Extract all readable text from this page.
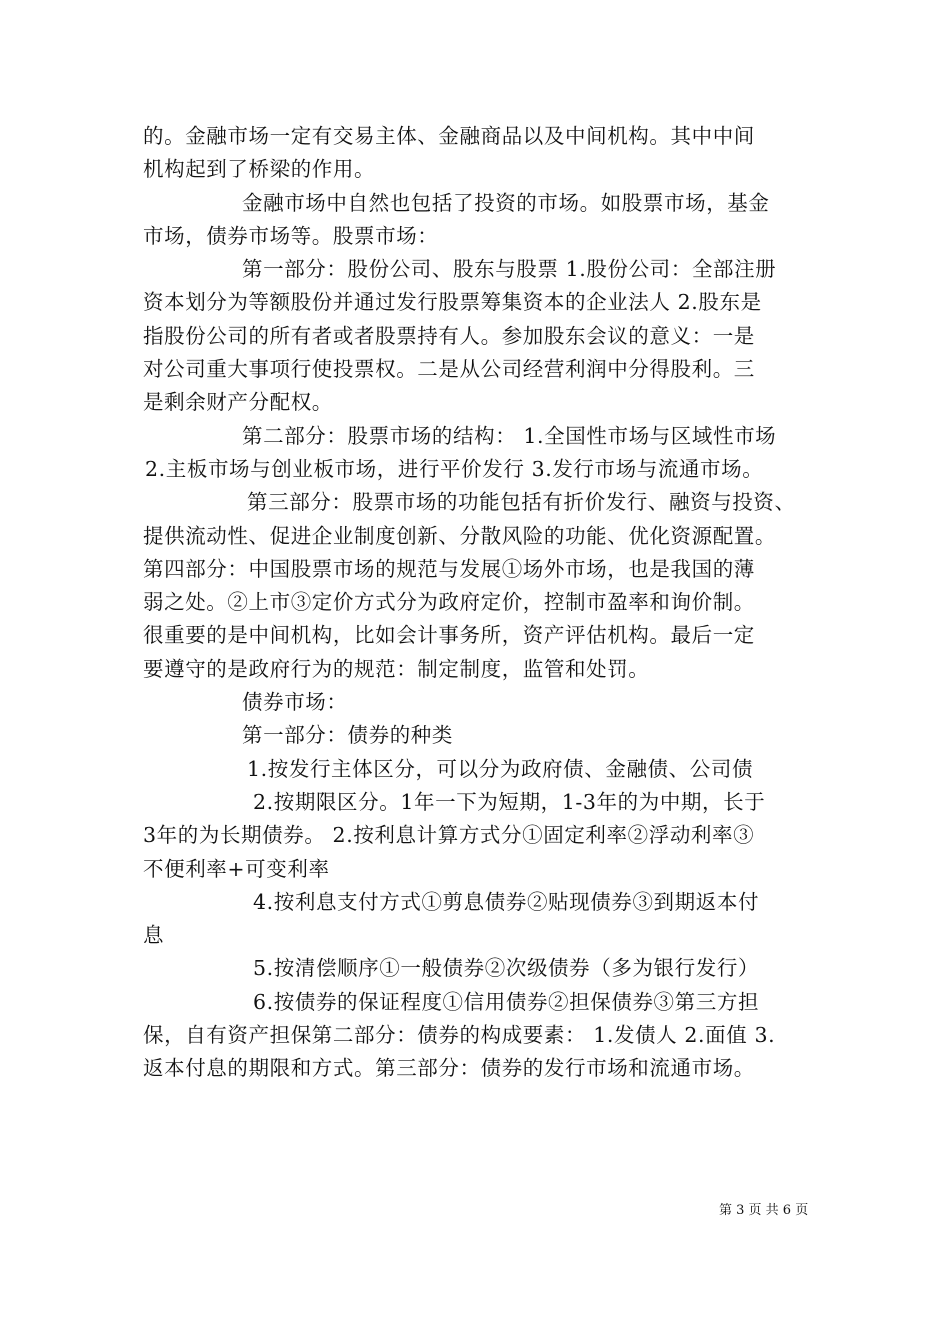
的。金融市场一定有交易主体、金融商品以及中间机构。其中中间
机构起到了桥梁的作用。
金融市场中自然也包括了投资的市场。如股票市场，基金
市场，债券市场等。股票市场：
第一部分：股份公司、股东与股票 1.股份公司：全部注册
资本划分为等额股份并通过发行股票筹集资本的企业法人 2.股东是
指股份公司的所有者或者股票持有人。参加股东会议的意义：一是
对公司重大事项行使投票权。二是从公司经营利润中分得股利。三
是剩余财产分配权。
第二部分：股票市场的结构： 1.全国性市场与区域性市场
2.主板市场与创业板市场，进行平价发行 3.发行市场与流通市场。
第三部分：股票市场的功能包括有折价发行、融资与投资、
提供流动性、促进企业制度创新、分散风险的功能、优化资源配置。
第四部分：中国股票市场的规范与发展①场外市场，也是我国的薄
弱之处。②上市③定价方式分为政府定价，控制市盈率和询价制。
很重要的是中间机构，比如会计事务所，资产评估机构。最后一定
要遵守的是政府行为的规范：制定制度，监管和处罚。
债券市场：
第一部分：债券的种类
1.按发行主体区分，可以分为政府债、金融债、公司债
2.按期限区分。1年一下为短期，1-3年的为中期，长于
3年的为长期债券。 2.按利息计算方式分①固定利率②浮动利率③
不便利率+可变利率
4.按利息支付方式①剪息债券②贴现债券③到期返本付
息
5.按清偿顺序①一般债券②次级债券（多为银行发行）
6.按债券的保证程度①信用债券②担保债券③第三方担
保，自有资产担保第二部分：债券的构成要素： 1.发债人 2.面值 3.
返本付息的期限和方式。第三部分：债券的发行市场和流通市场。
第 3 页 共 6 页
